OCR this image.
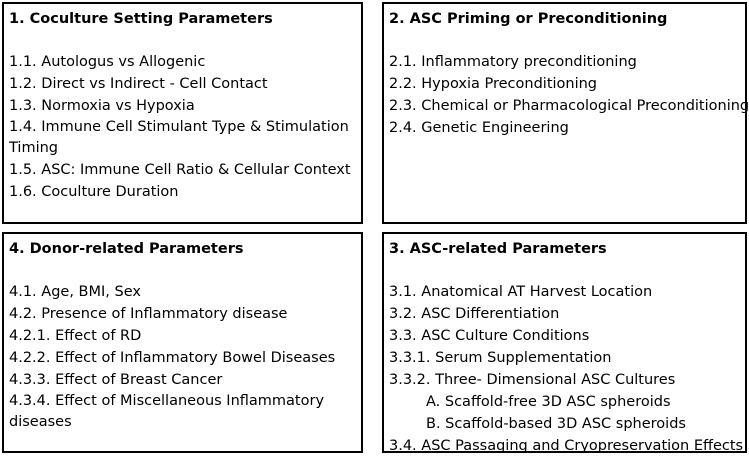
1. Coculture Setting Parameters
1.1. Autologus vs Allogenic
1.2. Direct vs Indirect - Cell Contact
1.3. Normoxia vs Hypoxia
1.4. Immune Cell Stimulant Type & Stimulation Timing
1.5. ASC: Immune Cell Ratio & Cellular Context
1.6. Coculture Duration
2. ASC Priming or Preconditioning
2.1. Inflammatory preconditioning
2.2. Hypoxia Preconditioning
2.3. Chemical or Pharmacological Preconditioning
2.4. Genetic Engineering
4. Donor-related Parameters
4.1. Age, BMI, Sex
4.2. Presence of Inflammatory disease
4.2.1. Effect of RD
4.2.2. Effect of Inflammatory Bowel Diseases
4.3.3. Effect of Breast Cancer
4.3.4. Effect of Miscellaneous Inflammatory diseases
3. ASC-related Parameters
3.1. Anatomical AT Harvest Location
3.2. ASC Differentiation
3.3. ASC Culture Conditions
3.3.1. Serum Supplementation
3.3.2. Three- Dimensional ASC Cultures
A. Scaffold-free 3D ASC spheroids
B. Scaffold-based 3D ASC spheroids
3.4. ASC Passaging and Cryopreservation Effects
